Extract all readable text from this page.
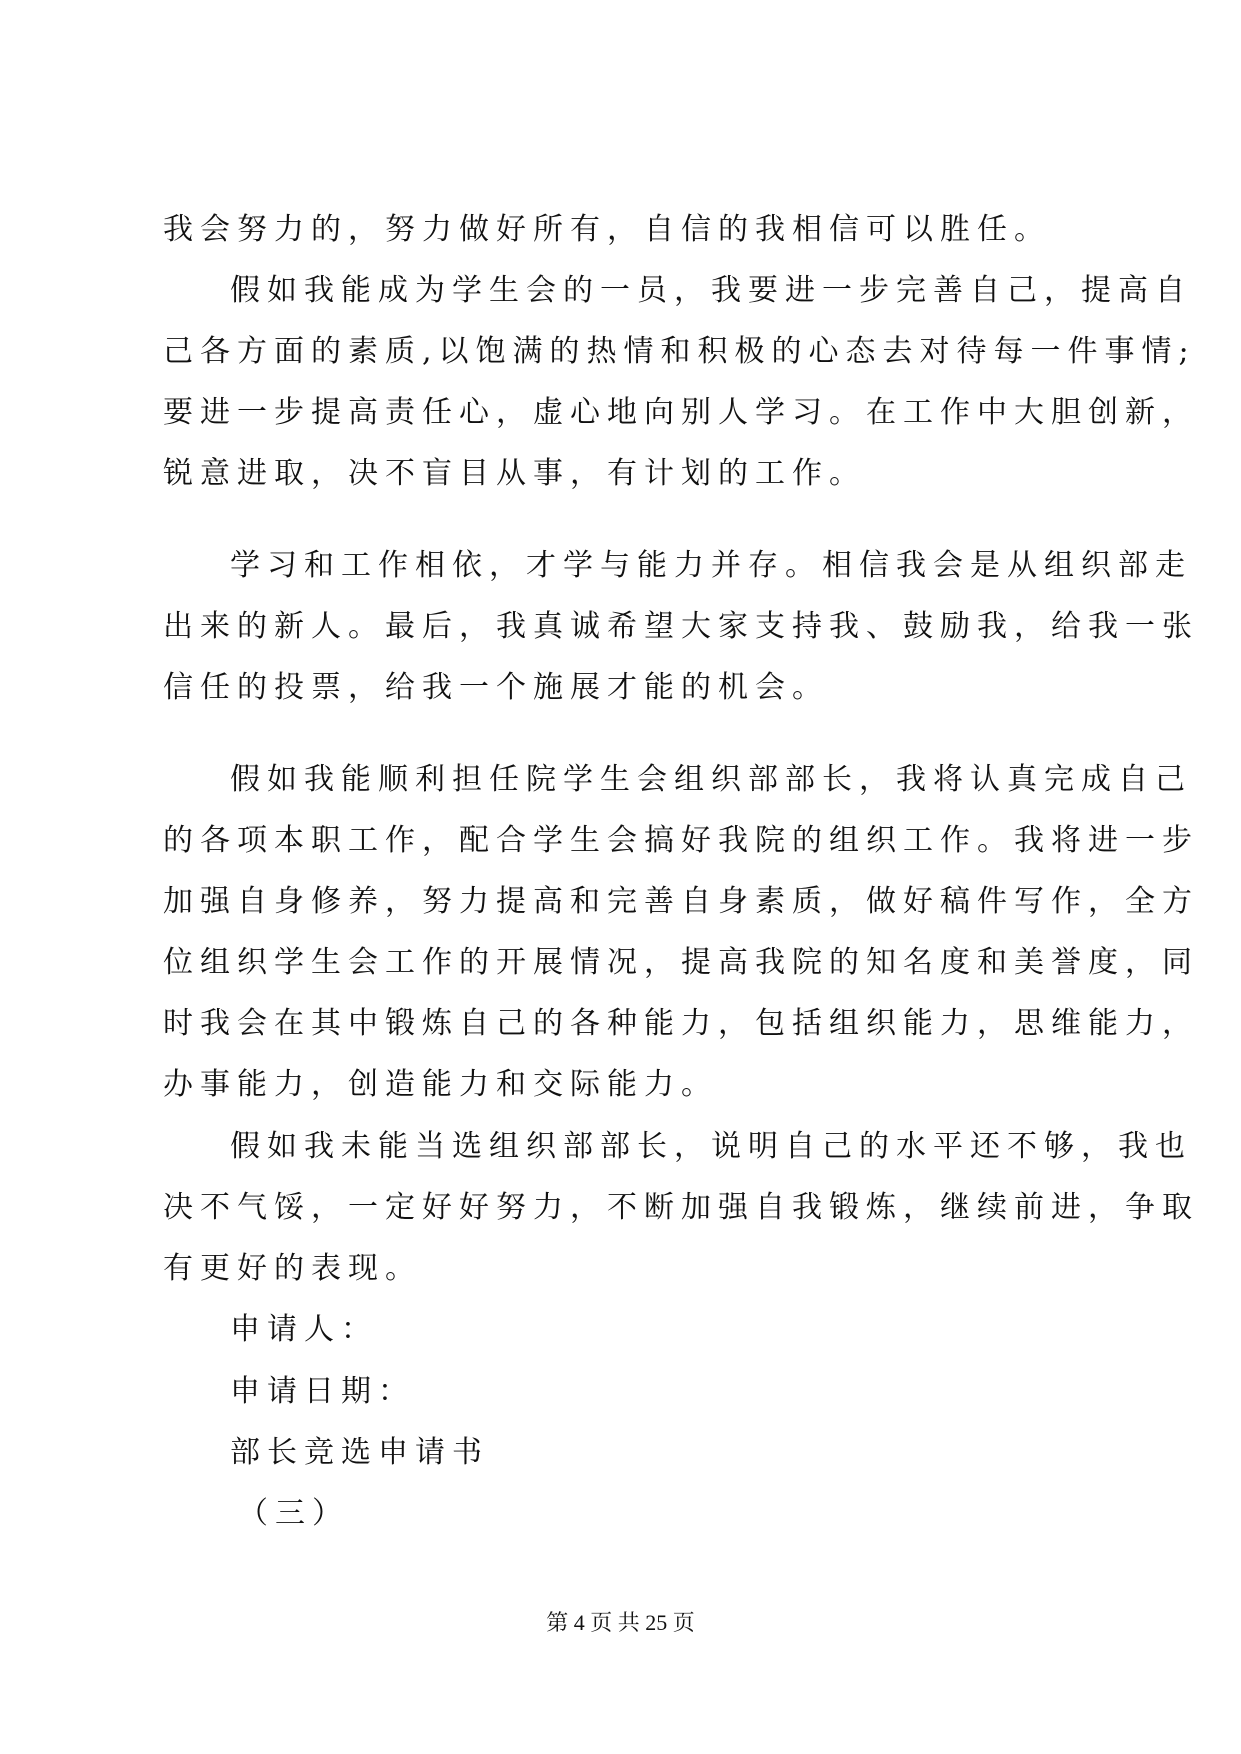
我会努力的，努力做好所有，自信的我相信可以胜任。
假如我能成为学生会的一员，我要进一步完善自己，提高自
己各方面的素质,以饱满的热情和积极的心态去对待每一件事情;
要进一步提高责任心，虚心地向别人学习。在工作中大胆创新，
锐意进取，决不盲目从事，有计划的工作。
学习和工作相依，才学与能力并存。相信我会是从组织部走
出来的新人。最后，我真诚希望大家支持我、鼓励我，给我一张
信任的投票，给我一个施展才能的机会。
假如我能顺利担任院学生会组织部部长，我将认真完成自己
的各项本职工作，配合学生会搞好我院的组织工作。我将进一步
加强自身修养，努力提高和完善自身素质，做好稿件写作，全方
位组织学生会工作的开展情况，提高我院的知名度和美誉度，同
时我会在其中锻炼自己的各种能力，包括组织能力，思维能力，
办事能力，创造能力和交际能力。
假如我未能当选组织部部长，说明自己的水平还不够，我也
决不气馁，一定好好努力，不断加强自我锻炼，继续前进，争取
有更好的表现。
申请人：
申请日期：
部长竞选申请书
（三）
第 4 页 共 25 页
